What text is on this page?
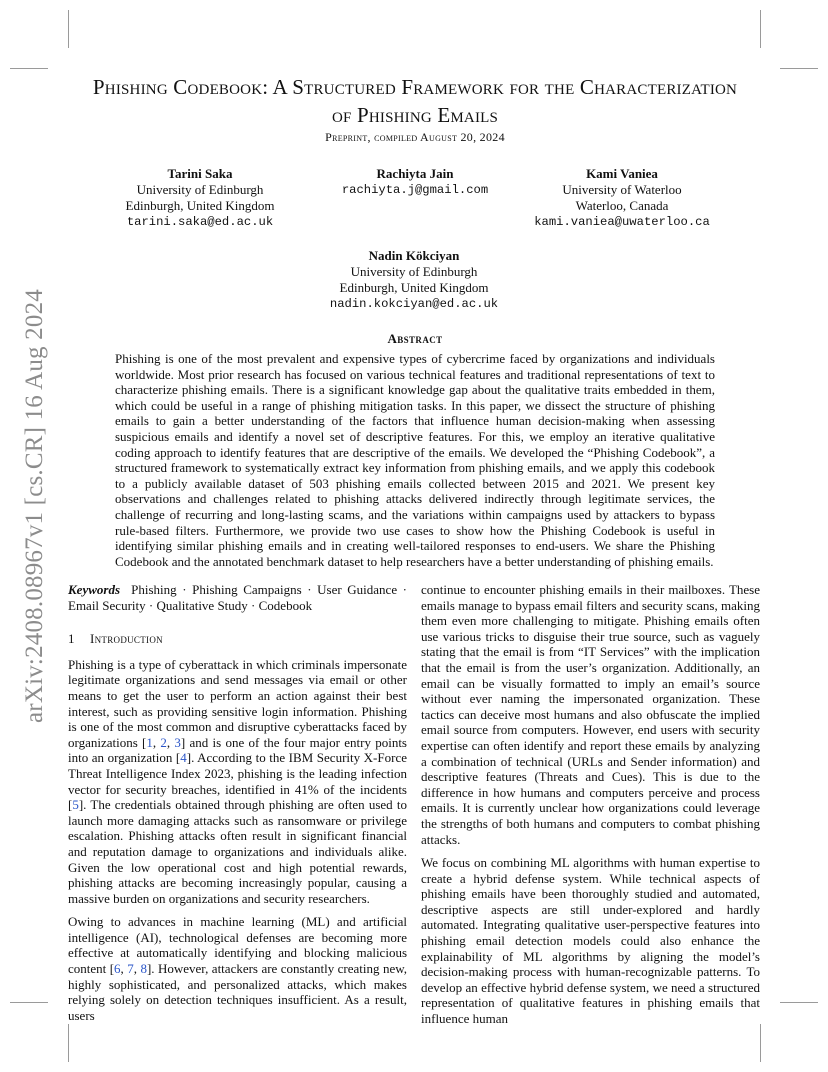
arXiv:2408.08967v1 [cs.CR] 16 Aug 2024
Phishing Codebook: A Structured Framework for the Characterization
of Phishing Emails
Preprint, compiled August 20, 2024
Tarini Saka
University of Edinburgh
Edinburgh, United Kingdom
tarini.saka@ed.ac.uk
Rachiyta Jain
rachiyta.j@gmail.com
Kami Vaniea
University of Waterloo
Waterloo, Canada
kami.vaniea@uwaterloo.ca
Nadin Kökciyan
University of Edinburgh
Edinburgh, United Kingdom
nadin.kokciyan@ed.ac.uk
Abstract
Phishing is one of the most prevalent and expensive types of cybercrime faced by organizations and individuals worldwide. Most prior research has focused on various technical features and traditional representations of text to characterize phishing emails. There is a significant knowledge gap about the qualitative traits embedded in them, which could be useful in a range of phishing mitigation tasks. In this paper, we dissect the structure of phishing emails to gain a better understanding of the factors that influence human decision-making when assessing suspicious emails and identify a novel set of descriptive features. For this, we employ an iterative qualitative coding approach to identify features that are descriptive of the emails. We developed the “Phishing Codebook”, a structured framework to systematically extract key information from phishing emails, and we apply this codebook to a publicly available dataset of 503 phishing emails collected between 2015 and 2021. We present key observations and challenges related to phishing attacks delivered indirectly through legitimate services, the challenge of recurring and long-lasting scams, and the variations within campaigns used by attackers to bypass rule-based filters. Furthermore, we provide two use cases to show how the Phishing Codebook is useful in identifying similar phishing emails and in creating well-tailored responses to end-users. We share the Phishing Codebook and the annotated benchmark dataset to help researchers have a better understanding of phishing emails.

Keywords Phishing · Phishing Campaigns · User Guidance · Email Security · Qualitative Study · Codebook

1 Introduction

Phishing is a type of cyberattack in which criminals impersonate legitimate organizations and send messages via email or other means to get the user to perform an action against their best interest, such as providing sensitive login information. Phishing is one of the most common and disruptive cyberattacks faced by organizations [1, 2, 3] and is one of the four major entry points into an organization [4]. According to the IBM Security X-Force Threat Intelligence Index 2023, phishing is the leading infection vector for security breaches, identified in 41% of the incidents [5]. The credentials obtained through phishing are often used to launch more damaging attacks such as ransomware or privilege escalation. Phishing attacks often result in significant financial and reputation damage to organizations and individuals alike. Given the low operational cost and high potential rewards, phishing attacks are becoming increasingly popular, causing a massive burden on organizations and security researchers.

Owing to advances in machine learning (ML) and artificial intelligence (AI), technological defenses are becoming more effective at automatically identifying and blocking malicious content [6, 7, 8]. However, attackers are constantly creating new, highly sophisticated, and personalized attacks, which makes relying solely on detection techniques insufficient. As a result, users

continue to encounter phishing emails in their mailboxes. These emails manage to bypass email filters and security scans, making them even more challenging to mitigate. Phishing emails often use various tricks to disguise their true source, such as vaguely stating that the email is from “IT Services” with the implication that the email is from the user’s organization. Additionally, an email can be visually formatted to imply an email’s source without ever naming the impersonated organization. These tactics can deceive most humans and also obfuscate the implied email source from computers. However, end users with security expertise can often identify and report these emails by analyzing a combination of technical (URLs and Sender information) and descriptive features (Threats and Cues). This is due to the difference in how humans and computers perceive and process emails. It is currently unclear how organizations could leverage the strengths of both humans and computers to combat phishing attacks.

We focus on combining ML algorithms with human expertise to create a hybrid defense system. While technical aspects of phishing emails have been thoroughly studied and automated, descriptive aspects are still under-explored and hardly automated. Integrating qualitative user-perspective features into phishing email detection models could also enhance the explainability of ML algorithms by aligning the model’s decision-making process with human-recognizable patterns. To develop an effective hybrid defense system, we need a structured representation of qualitative features in phishing emails that influence human
